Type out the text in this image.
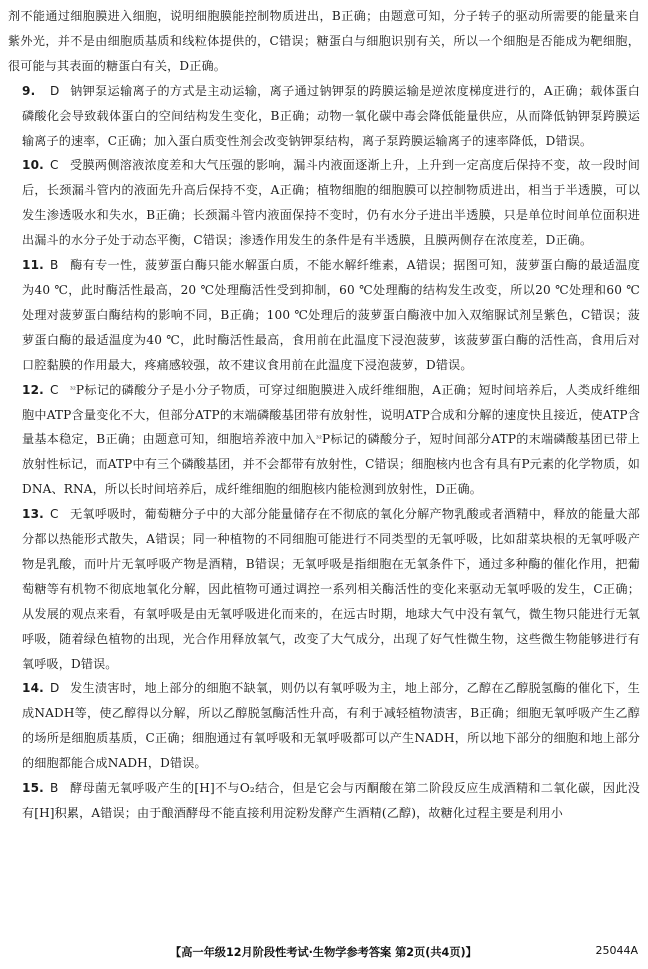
剂不能通过细胞膜进入细胞，说明细胞膜能控制物质进出，B正确；由题意可知，分子转子的驱动所需要的能量来自紫外光，并不是由细胞质基质和线粒体提供的，C错误；糖蛋白与细胞识别有关，所以一个细胞是否能成为靶细胞，很可能与其表面的糖蛋白有关，D正确。

9. D 钠钾泵运输离子的方式是主动运输，离子通过钠钾泵的跨膜运输是逆浓度梯度进行的，A正确；载体蛋白磷酸化会导致载体蛋白的空间结构发生变化，B正确；动物一氧化碳中毒会降低能量供应，从而降低钠钾泵跨膜运输离子的速率，C正确；加入蛋白质变性剂会改变钠钾泵结构，离子泵跨膜运输离子的速率降低，D错误。

10. C 受膜两侧溶液浓度差和大气压强的影响，漏斗内液面逐渐上升，上升到一定高度后保持不变，故一段时间后，长颈漏斗管内的液面先升高后保持不变，A正确；植物细胞的细胞膜可以控制物质进出，相当于半透膜，可以发生渗透吸水和失水，B正确；长颈漏斗管内液面保持不变时，仍有水分子进出半透膜，只是单位时间单位面积进出漏斗的水分子处于动态平衡，C错误；渗透作用发生的条件是有半透膜，且膜两侧存在浓度差，D正确。

11. B 酶有专一性，菠萝蛋白酶只能水解蛋白质，不能水解纤维素，A错误；据图可知，菠萝蛋白酶的最适温度为40 ℃，此时酶活性最高，20 ℃处理酶活性受到抑制，60 ℃处理酶的结构发生改变，所以20 ℃处理和60 ℃处理对菠萝蛋白酶结构的影响不同，B正确；100 ℃处理后的菠萝蛋白酶液中加入双缩脲试剂呈紫色，C错误；菠萝蛋白酶的最适温度为40 ℃，此时酶活性最高，食用前在此温度下浸泡菠萝，该菠萝蛋白酶的活性高，食用后对口腔黏膜的作用最大，疼痛感较强，故不建议食用前在此温度下浸泡菠萝，D错误。

12. C $^{^{32}}$P标记的磷酸分子是小分子物质，可穿过细胞膜进入成纤维细胞，A正确；短时间培养后，人类成纤维细胞中ATP含量变化不大，但部分ATP的末端磷酸基团带有放射性，说明ATP合成和分解的速度快且接近，使ATP含量基本稳定，B正确；由题意可知，细胞培养液中加入$^{^{32}}$P标记的磷酸分子，短时间部分ATP的末端磷酸基团已带上放射性标记，而ATP中有三个磷酸基团，并不会都带有放射性，C错误；细胞核内也含有具有P元素的化学物质，如DNA、RNA，所以长时间培养后，成纤维细胞的细胞核内能检测到放射性，D正确。

13. C 无氧呼吸时，葡萄糖分子中的大部分能量储存在不彻底的氧化分解产物乳酸或者酒精中，释放的能量大部分都以热能形式散失，A错误；同一种植物的不同细胞可能进行不同类型的无氧呼吸，比如甜菜块根的无氧呼吸产物是乳酸，而叶片无氧呼吸产物是酒精，B错误；无氧呼吸是指细胞在无氧条件下，通过多种酶的催化作用，把葡萄糖等有机物不彻底地氧化分解，因此植物可通过调控一系列相关酶活性的变化来驱动无氧呼吸的发生，C正确；从发展的观点来看，有氧呼吸是由无氧呼吸进化而来的，在远古时期，地球大气中没有氧气，微生物只能进行无氧呼吸，随着绿色植物的出现，光合作用释放氧气，改变了大气成分，出现了好气性微生物，这些微生物能够进行有氧呼吸，D错误。

14. D 发生渍害时，地上部分的细胞不缺氧，则仍以有氧呼吸为主，地上部分，乙醇在乙醇脱氢酶的催化下，生成NADH等，使乙醇得以分解，所以乙醇脱氢酶活性升高，有利于减轻植物渍害，B正确；细胞无氧呼吸产生乙醇的场所是细胞质基质，C正确；细胞通过有氧呼吸和无氧呼吸都可以产生NADH，所以地下部分的细胞和地上部分的细胞都能合成NADH，D错误。

15. B 酵母菌无氧呼吸产生的[H]不与O₂结合，但是它会与丙酮酸在第二阶段反应生成酒精和二氧化碳，因此没有[H]积累，A错误；由于酿酒酵母不能直接利用淀粉发酵产生酒精(乙醇)，故糖化过程主要是利用小

【高一年级12月阶段性考试·生物学参考答案 第2页(共4页)】	25044A
